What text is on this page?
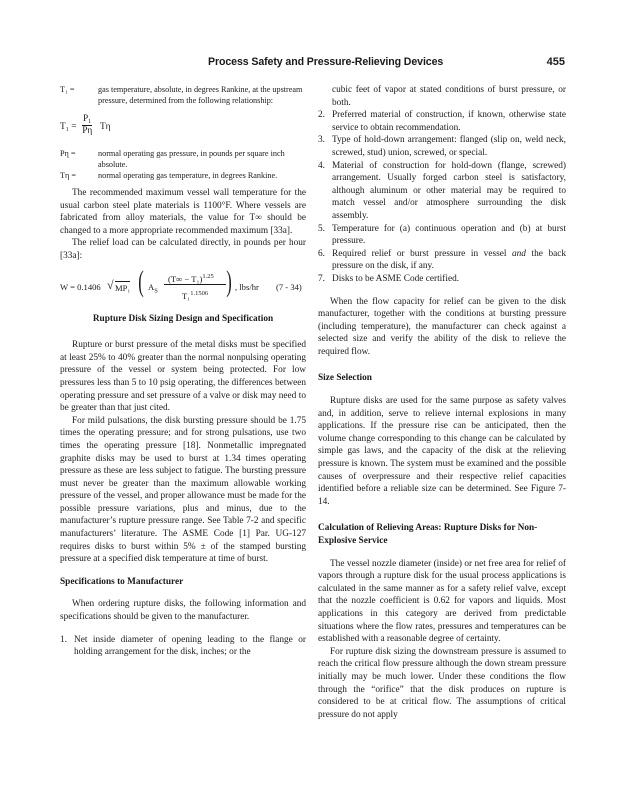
Process Safety and Pressure-Relieving Devices	455

T₁ =	gas temperature, absolute, in degrees Rankine, at the upstream pressure, determined from the following relationship:

$T_1 = \frac{\text{P₁}}{P\eta}$ Tη

Pη =	normal operating gas pressure, in pounds per square inch absolute.

Tη =	normal operating gas temperature, in degrees Rankine.

The recommended maximum vessel wall temperature for the usual carbon steel plate materials is 1100°F. Where vessels are fabricated from alloy materials, the value for T∞ should be changed to a more appropriate recommended maximum [33a].

The relief load can be calculated directly, in pounds per hour [33a]:

W = 0.1406 √ MP₁ ( $A_S$
$(T\infty - T_1)^{1.25}$
T₁$^{1.1506}$ ) , lbs/hr (7 - 34)

Rupture Disk Sizing Design and Specification

Rupture or burst pressure of the metal disks must be specified at least 25% to 40% greater than the normal nonpulsing operating pressure of the vessel or system being protected. For low pressures less than 5 to 10 psig operating, the differences between operating pressure and set pressure of a valve or disk may need to be greater than that just cited.

For mild pulsations, the disk bursting pressure should be 1.75 times the operating pressure; and for strong pulsations, use two times the operating pressure [18]. Nonmetallic impregnated graphite disks may be used to burst at 1.34 times operating pressure as these are less subject to fatigue. The bursting pressure must never be greater than the maximum allowable working pressure of the vessel, and proper allowance must be made for the possible pressure variations, plus and minus, due to the manufacturer’s rupture pressure range. See Table 7-2 and specific manufacturers’ literature. The ASME Code [1] Par. UG-127 requires disks to burst within 5% ± of the stamped bursting pressure at a specified disk temperature at time of burst.

Specifications to Manufacturer

When ordering rupture disks, the following information and specifications should be given to the manufacturer.

1. Net inside diameter of opening leading to the flange or holding arrangement for the disk, inches; or the

cubic feet of vapor at stated conditions of burst pressure, or both.

2. Preferred material of construction, if known, otherwise state service to obtain recommendation.

3. Type of hold-down arrangement: flanged (slip on, weld neck, screwed, stud) union, screwed, or special.

4. Material of construction for hold-down (flange, screwed) arrangement. Usually forged carbon steel is satisfactory, although aluminum or other material may be required to match vessel and/or atmosphere surrounding the disk assembly.

5. Temperature for (a) continuous operation and (b) at burst pressure.

6. Required relief or burst pressure in vessel and the back pressure on the disk, if any.

7. Disks to be ASME Code certified.

When the flow capacity for relief can be given to the disk manufacturer, together with the conditions at bursting pressure (including temperature), the manufacturer can check against a selected size and verify the ability of the disk to relieve the required flow.

Size Selection

Rupture disks are used for the same purpose as safety valves and, in addition, serve to relieve internal explosions in many applications. If the pressure rise can be anticipated, then the volume change corresponding to this change can be calculated by simple gas laws, and the capacity of the disk at the relieving pressure is known. The system must be examined and the possible causes of overpressure and their respective relief capacities identified before a reliable size can be determined. See Figure 7-14.

Calculation of Relieving Areas: Rupture Disks for Non-Explosive Service

The vessel nozzle diameter (inside) or net free area for relief of vapors through a rupture disk for the usual process applications is calculated in the same manner as for a safety relief valve, except that the nozzle coefficient is 0.62 for vapors and liquids. Most applications in this category are derived from predictable situations where the flow rates, pressures and temperatures can be established with a reasonable degree of certainty.

For rupture disk sizing the downstream pressure is assumed to reach the critical flow pressure although the down stream pressure initially may be much lower. Under these conditions the flow through the “orifice” that the disk produces on rupture is considered to be at critical flow. The assumptions of critical pressure do not apply
